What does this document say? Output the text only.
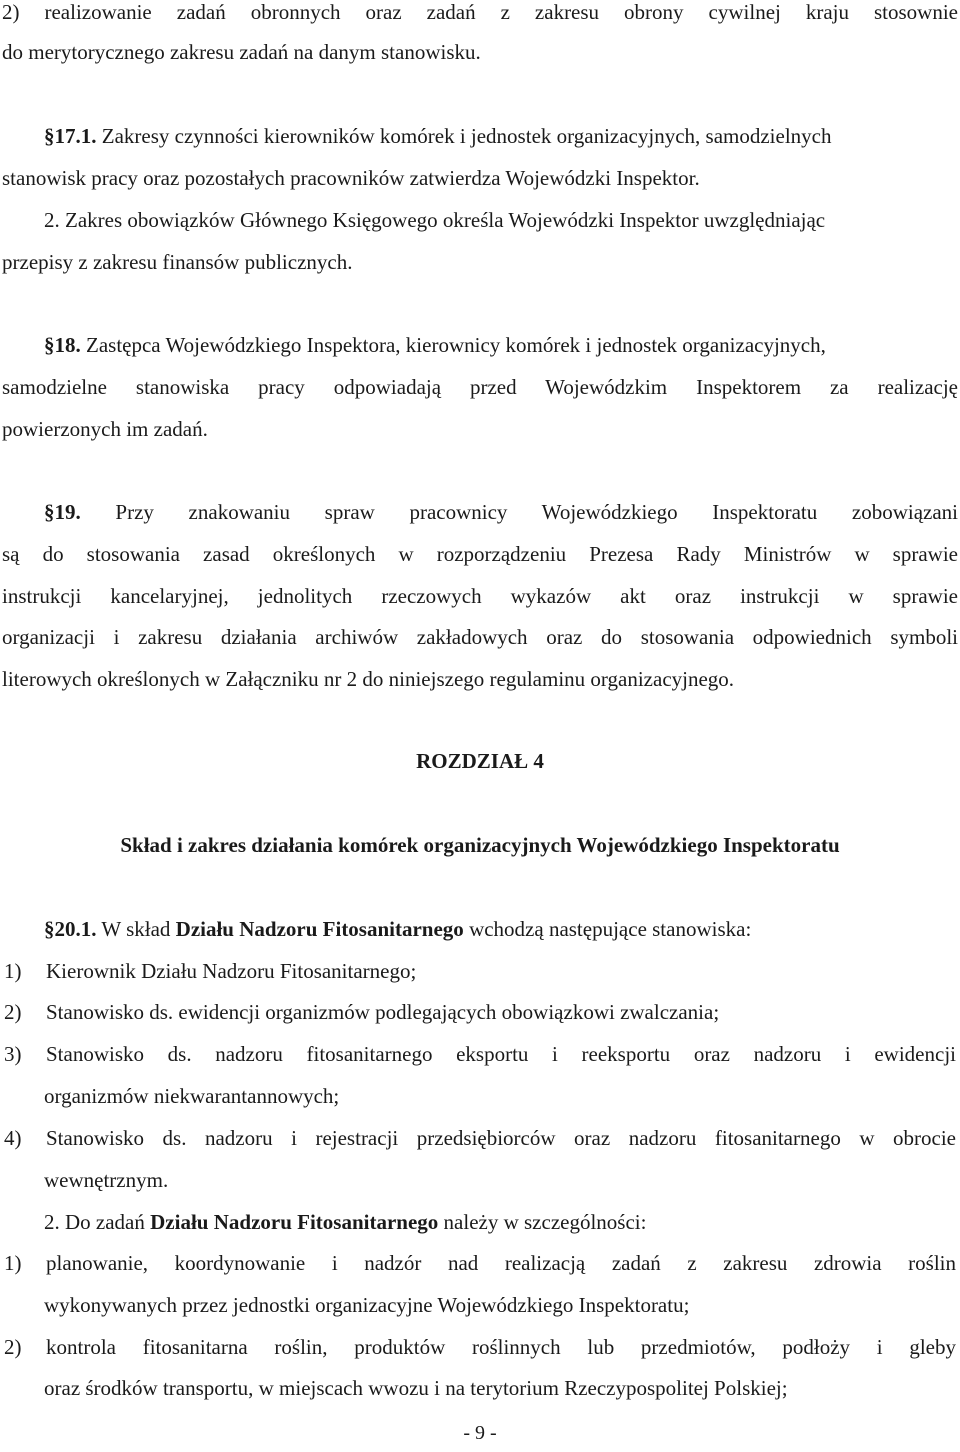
2) realizowanie zadań obronnych oraz zadań z zakresu obrony cywilnej kraju stosownie
do merytorycznego zakresu zadań na danym stanowisku.
§17.1. Zakresy czynności kierowników komórek i jednostek organizacyjnych, samodzielnych
stanowisk pracy oraz pozostałych pracowników zatwierdza Wojewódzki Inspektor.
2. Zakres obowiązków Głównego Księgowego określa Wojewódzki Inspektor uwzględniając
przepisy z zakresu finansów publicznych.
§18. Zastępca Wojewódzkiego Inspektora, kierownicy komórek i jednostek organizacyjnych,
samodzielne stanowiska pracy odpowiadają przed Wojewódzkim Inspektorem za realizację
powierzonych im zadań.
§19. Przy znakowaniu spraw pracownicy Wojewódzkiego Inspektoratu zobowiązani
są do stosowania zasad określonych w rozporządzeniu Prezesa Rady Ministrów w sprawie
instrukcji kancelaryjnej, jednolitych rzeczowych wykazów akt oraz instrukcji w sprawie
organizacji i zakresu działania archiwów zakładowych oraz do stosowania odpowiednich symboli
literowych określonych w Załączniku nr 2 do niniejszego regulaminu organizacyjnego.
ROZDZIAŁ 4
Skład i zakres działania komórek organizacyjnych Wojewódzkiego Inspektoratu
§20.1. W skład Działu Nadzoru Fitosanitarnego wchodzą następujące stanowiska:
1) Kierownik Działu Nadzoru Fitosanitarnego;
2) Stanowisko ds. ewidencji organizmów podlegających obowiązkowi zwalczania;
3) Stanowisko ds. nadzoru fitosanitarnego eksportu i reeksportu oraz nadzoru i ewidencji
organizmów niekwarantannowych;
4) Stanowisko ds. nadzoru i rejestracji przedsiębiorców oraz nadzoru fitosanitarnego w obrocie
wewnętrznym.
2. Do zadań Działu Nadzoru Fitosanitarnego należy w szczególności:
1) planowanie, koordynowanie i nadzór nad realizacją zadań z zakresu zdrowia roślin
wykonywanych przez jednostki organizacyjne Wojewódzkiego Inspektoratu;
2) kontrola fitosanitarna roślin, produktów roślinnych lub przedmiotów, podłoży i gleby
oraz środków transportu, w miejscach wwozu i na terytorium Rzeczypospolitej Polskiej;
- 9 -
